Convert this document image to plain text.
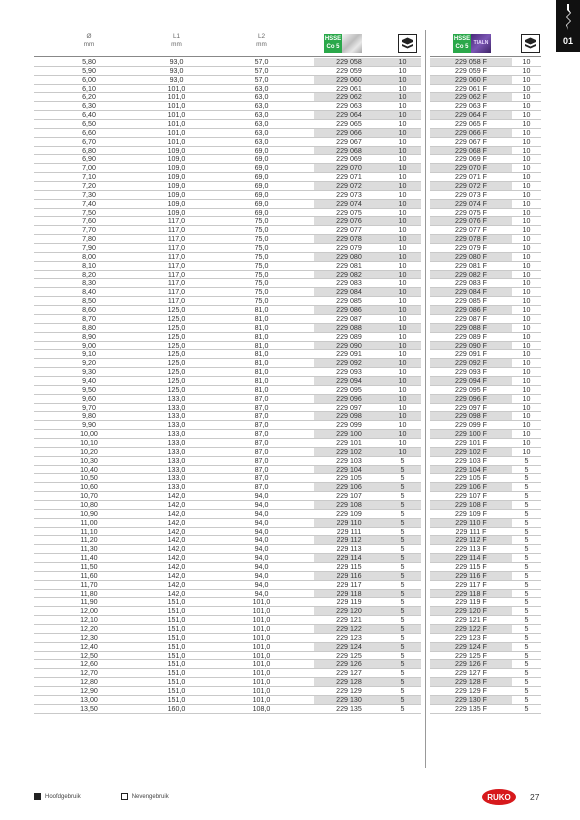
01
Ø
mm
L1
mm
L2
mm
HSSE
Co 5
HSSE
Co 5
TIALN
5,80	93,0	57,0	229 058	10
5,90	93,0	57,0	229 059	10
6,00	93,0	57,0	229 060	10
6,10	101,0	63,0	229 061	10
6,20	101,0	63,0	229 062	10
6,30	101,0	63,0	229 063	10
6,40	101,0	63,0	229 064	10
6,50	101,0	63,0	229 065	10
6,60	101,0	63,0	229 066	10
6,70	101,0	63,0	229 067	10
6,80	109,0	69,0	229 068	10
6,90	109,0	69,0	229 069	10
7,00	109,0	69,0	229 070	10
7,10	109,0	69,0	229 071	10
7,20	109,0	69,0	229 072	10
7,30	109,0	69,0	229 073	10
7,40	109,0	69,0	229 074	10
7,50	109,0	69,0	229 075	10
7,60	117,0	75,0	229 076	10
7,70	117,0	75,0	229 077	10
7,80	117,0	75,0	229 078	10
7,90	117,0	75,0	229 079	10
8,00	117,0	75,0	229 080	10
8,10	117,0	75,0	229 081	10
8,20	117,0	75,0	229 082	10
8,30	117,0	75,0	229 083	10
8,40	117,0	75,0	229 084	10
8,50	117,0	75,0	229 085	10
8,60	125,0	81,0	229 086	10
8,70	125,0	81,0	229 087	10
8,80	125,0	81,0	229 088	10
8,90	125,0	81,0	229 089	10
9,00	125,0	81,0	229 090	10
9,10	125,0	81,0	229 091	10
9,20	125,0	81,0	229 092	10
9,30	125,0	81,0	229 093	10
9,40	125,0	81,0	229 094	10
9,50	125,0	81,0	229 095	10
9,60	133,0	87,0	229 096	10
9,70	133,0	87,0	229 097	10
9,80	133,0	87,0	229 098	10
9,90	133,0	87,0	229 099	10
10,00	133,0	87,0	229 100	10
10,10	133,0	87,0	229 101	10
10,20	133,0	87,0	229 102	10
10,30	133,0	87,0	229 103	5
10,40	133,0	87,0	229 104	5
10,50	133,0	87,0	229 105	5
10,60	133,0	87,0	229 106	5
10,70	142,0	94,0	229 107	5
10,80	142,0	94,0	229 108	5
10,90	142,0	94,0	229 109	5
11,00	142,0	94,0	229 110	5
11,10	142,0	94,0	229 111	5
11,20	142,0	94,0	229 112	5
11,30	142,0	94,0	229 113	5
11,40	142,0	94,0	229 114	5
11,50	142,0	94,0	229 115	5
11,60	142,0	94,0	229 116	5
11,70	142,0	94,0	229 117	5
11,80	142,0	94,0	229 118	5
11,90	151,0	101,0	229 119	5
12,00	151,0	101,0	229 120	5
12,10	151,0	101,0	229 121	5
12,20	151,0	101,0	229 122	5
12,30	151,0	101,0	229 123	5
12,40	151,0	101,0	229 124	5
12,50	151,0	101,0	229 125	5
12,60	151,0	101,0	229 126	5
12,70	151,0	101,0	229 127	5
12,80	151,0	101,0	229 128	5
12,90	151,0	101,0	229 129	5
13,00	151,0	101,0	229 130	5
13,50	160,0	108,0	229 135	5
229 058 F	10
229 059 F	10
229 060 F	10
229 061 F	10
229 062 F	10
229 063 F	10
229 064 F	10
229 065 F	10
229 066 F	10
229 067 F	10
229 068 F	10
229 069 F	10
229 070 F	10
229 071 F	10
229 072 F	10
229 073 F	10
229 074 F	10
229 075 F	10
229 076 F	10
229 077 F	10
229 078 F	10
229 079 F	10
229 080 F	10
229 081 F	10
229 082 F	10
229 083 F	10
229 084 F	10
229 085 F	10
229 086 F	10
229 087 F	10
229 088 F	10
229 089 F	10
229 090 F	10
229 091 F	10
229 092 F	10
229 093 F	10
229 094 F	10
229 095 F	10
229 096 F	10
229 097 F	10
229 098 F	10
229 099 F	10
229 100 F	10
229 101 F	10
229 102 F	10
229 103 F	5
229 104 F	5
229 105 F	5
229 106 F	5
229 107 F	5
229 108 F	5
229 109 F	5
229 110 F	5
229 111 F	5
229 112 F	5
229 113 F	5
229 114 F	5
229 115 F	5
229 116 F	5
229 117 F	5
229 118 F	5
229 119 F	5
229 120 F	5
229 121 F	5
229 122 F	5
229 123 F	5
229 124 F	5
229 125 F	5
229 126 F	5
229 127 F	5
229 128 F	5
229 129 F	5
229 130 F	5
229 135 F	5
Hoofdgebruik	Nevengebruik	RUKO 27
